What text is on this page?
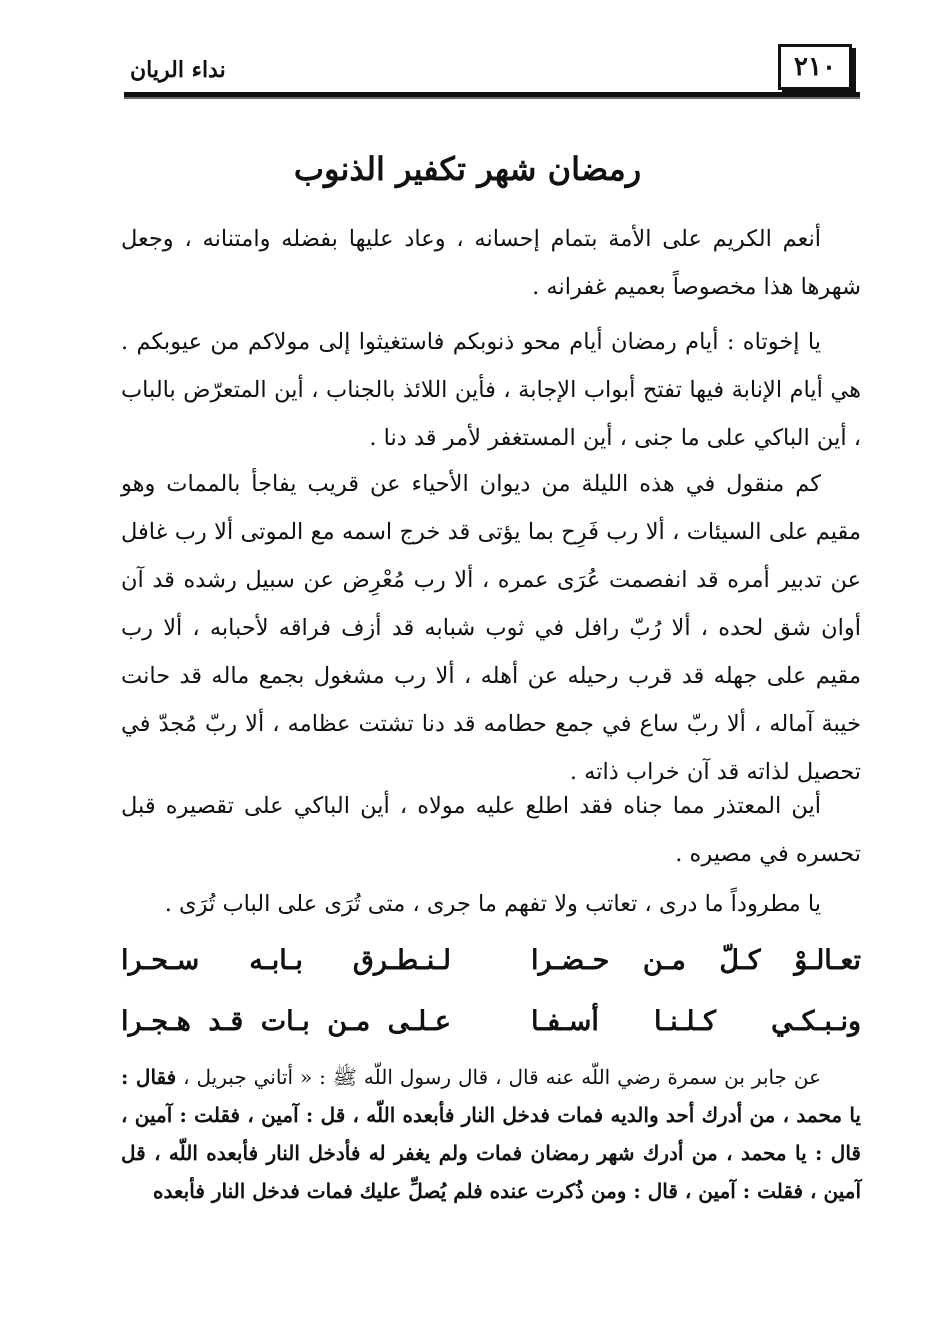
٢١٠
نداء الريان
رمضان شهر تكفير الذنوب

أنعم الكريم على الأمة بتمام إحسانه ، وعاد عليها بفضله وامتنانه ، وجعل شهرها هذا مخصوصاً بعميم غفرانه .

يا إخوتاه : أيام رمضان أيام محو ذنوبكم فاستغيثوا إلى مولاكم من عيوبكم . هي أيام الإنابة فيها تفتح أبواب الإجابة ، فأين اللائذ بالجناب ، أين المتعرّض بالباب ، أين الباكي على ما جنى ، أين المستغفر لأمر قد دنا .

كم منقول في هذه الليلة من ديوان الأحياء عن قريب يفاجأ بالممات وهو مقيم على السيئات ، ألا رب فَرِح بما يؤتى قد خرج اسمه مع الموتى ألا رب غافل عن تدبير أمره قد انفصمت عُرَى عمره ، ألا رب مُعْرِض عن سبيل رشده قد آن أوان شق لحده ، ألا رُبّ رافل في ثوب شبابه قد أزف فراقه لأحبابه ، ألا رب مقيم على جهله قد قرب رحيله عن أهله ، ألا رب مشغول بجمع ماله قد حانت خيبة آماله ، ألا ربّ ساع في جمع حطامه قد دنا تشتت عظامه ، ألا ربّ مُجدّ في تحصيل لذاته قد آن خراب ذاته .

أين المعتذر مما جناه فقد اطلع عليه مولاه ، أين الباكي على تقصيره قبل تحسره في مصيره .

يا مطروداً ما درى ، تعاتب ولا تفهم ما جرى ، متى تُرَى على الباب تُرَى .

تعـالـوْ كـلّ مـن حـضـرا
لـنـطـرق بـابـه سـحـرا
ونـبـكـي كـلـنـا أسـفـا
عـلـى مـن بـات قـد هـجـرا

عن جابر بن سمرة رضي اللّه عنه قال ، قال رسول اللّه ﷺ : « أتاني جبريل ، فقال : يا محمد ، من أدرك أحد والديه فمات فدخل النار فأبعده اللّه ، قل : آمين ، فقلت : آمين ، قال : يا محمد ، من أدرك شهر رمضان فمات ولم يغفر له فأدخل النار فأبعده اللّه ، قل آمين ، فقلت : آمين ، قال : ومن ذُكرت عنده فلم يُصلِّ عليك فمات فدخل النار فأبعده
